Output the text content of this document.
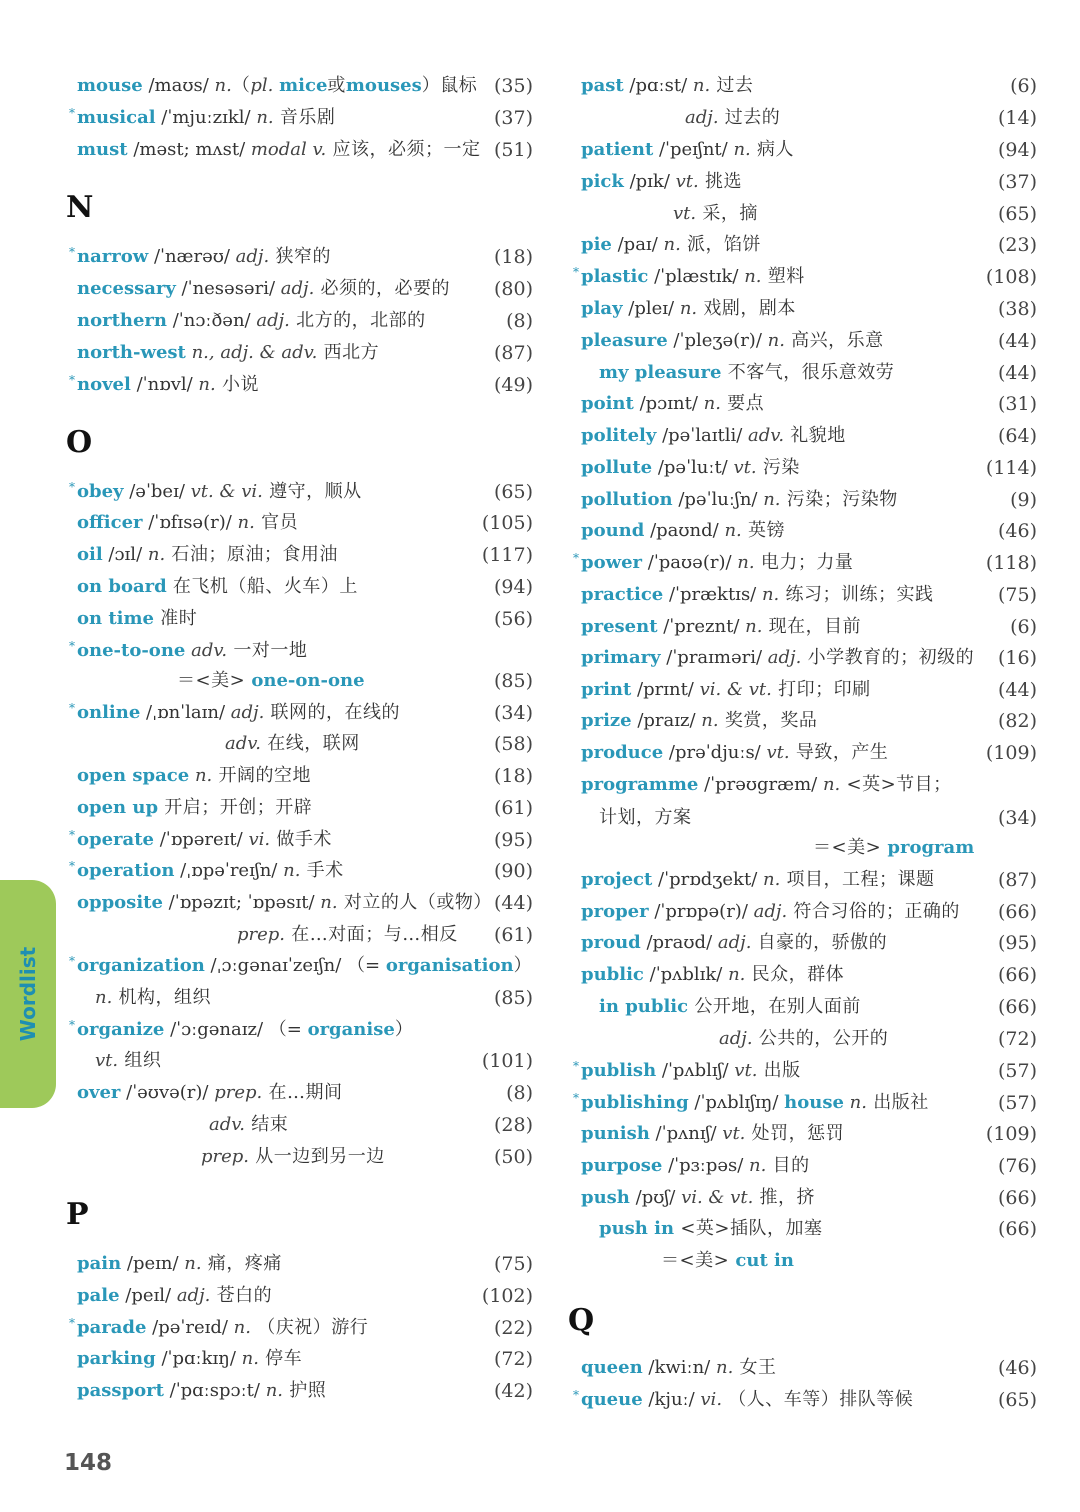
mouse /maʊs/ n.（pl. mice或mouses）鼠标 (35)
* musical /ˈmjuːzɪkl/ n. 音乐剧	(37)
must /məst; mʌst/ modal v. 应该，必须；一定 (51)
N
* narrow /ˈnærəʊ/ adj. 狭窄的	(18)
necessary /ˈnesəsəri/ adj. 必须的，必要的 (80)
northern /ˈnɔːðən/ adj. 北方的，北部的	(8)
north-west n., adj. & adv. 西北方	(87)
* novel /ˈnɒvl/ n. 小说	(49)
O
* obey /əˈbeɪ/ vt. & vi. 遵守，顺从	(65)
officer /ˈɒfɪsə(r)/ n. 官员	(105)
oil /ɔɪl/ n. 石油；原油；食用油	(117)
on board 在飞机（船、火车）上	(94)
on time 准时	(56)
* one-to-one adv. 一对一地
＝<美> one-on-one	(85)
* online /ˌɒnˈlaɪn/ adj. 联网的，在线的	(34)
adv. 在线，联网	(58)
open space n. 开阔的空地	(18)
open up 开启；开创；开辟	(61)
* operate /ˈɒpəreɪt/ vi. 做手术	(95)
* operation /ˌɒpəˈreɪʃn/ n. 手术	(90)
opposite /ˈɒpəzɪt; ˈɒpəsɪt/ n. 对立的人（或物） (44)
prep. 在…对面；与…相反 (61)
* organization /ˌɔːgənaɪˈzeɪʃn/ （= organisation）
n. 机构，组织	(85)
* organize /ˈɔːgənaɪz/ （= organise）
vt. 组织	(101)
over /ˈəʊvə(r)/ prep. 在…期间	(8)
adv. 结束	(28)
prep. 从一边到另一边	(50)
P
pain /peɪn/ n. 痛，疼痛	(75)
pale /peɪl/ adj. 苍白的	(102)
* parade /pəˈreɪd/ n. （庆祝）游行	(22)
parking /ˈpɑːkɪŋ/ n. 停车	(72)
passport /ˈpɑːspɔːt/ n. 护照	(42)
past /pɑːst/ n. 过去	(6)
adj. 过去的	(14)
patient /ˈpeɪʃnt/ n. 病人	(94)
pick /pɪk/ vt. 挑选	(37)
vt. 采，摘	(65)
pie /paɪ/ n. 派，馅饼	(23)
* plastic /ˈplæstɪk/ n. 塑料	(108)
play /pleɪ/ n. 戏剧，剧本	(38)
pleasure /ˈpleʒə(r)/ n. 高兴，乐意	(44)
my pleasure 不客气，很乐意效劳	(44)
point /pɔɪnt/ n. 要点	(31)
politely /pəˈlaɪtli/ adv. 礼貌地	(64)
pollute /pəˈluːt/ vt. 污染	(114)
pollution /pəˈluːʃn/ n. 污染；污染物	(9)
pound /paʊnd/ n. 英镑	(46)
* power /ˈpaʊə(r)/ n. 电力；力量	(118)
practice /ˈpræktɪs/ n. 练习；训练；实践	(75)
present /ˈpreznt/ n. 现在，目前	(6)
primary /ˈpraɪməri/ adj. 小学教育的；初级的 (16)
print /prɪnt/ vi. & vt. 打印；印刷	(44)
prize /praɪz/ n. 奖赏，奖品	(82)
produce /prəˈdjuːs/ vt. 导致，产生	(109)
programme /ˈprəʊgræm/ n. <英>节目；
计划，方案	(34)
＝<美> program
project /ˈprɒdʒekt/ n. 项目，工程；课题	(87)
proper /ˈprɒpə(r)/ adj. 符合习俗的；正确的 (66)
proud /praʊd/ adj. 自豪的，骄傲的	(95)
public /ˈpʌblɪk/ n. 民众，群体	(66)
in public 公开地，在别人面前	(66)
adj. 公共的，公开的	(72)
* publish /ˈpʌblɪʃ/ vt. 出版	(57)
* publishing /ˈpʌblɪʃɪŋ/ house n. 出版社	(57)
punish /ˈpʌnɪʃ/ vt. 处罚，惩罚	(109)
purpose /ˈpɜːpəs/ n. 目的	(76)
push /pʊʃ/ vi. & vt. 推，挤	(66)
push in <英>插队，加塞	(66)
＝<美> cut in
Q
queen /kwiːn/ n. 女王	(46)
* queue /kjuː/ vi. （人、车等）排队等候	(65)
Wordlist
148
